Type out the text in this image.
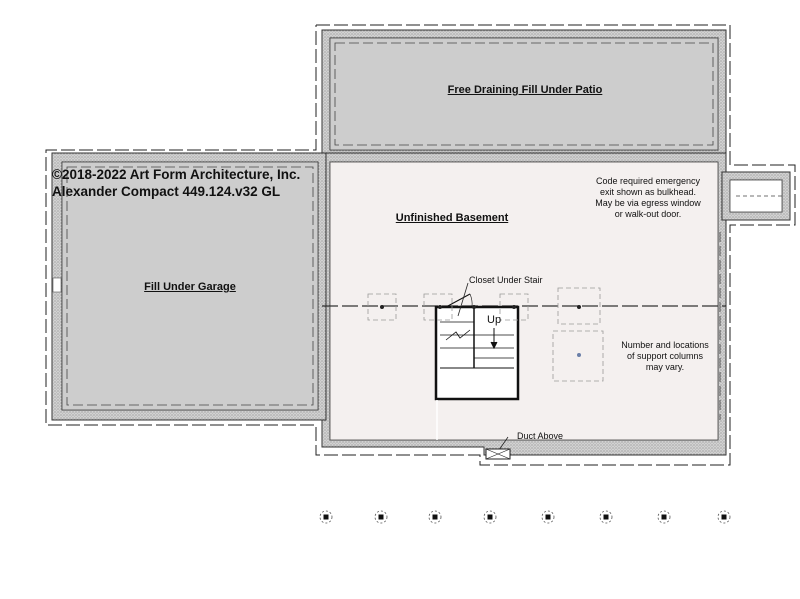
©2018-2022 Art Form Architecture, Inc.
Alexander Compact 449.124.v32 GL
Free Draining Fill Under Patio
Unfinished Basement
Fill Under Garage
Closet Under Stair
Up
Duct Above
Code required emergency
exit shown as bulkhead.
May be via egress window
or walk-out door.
Number and locations
of support columns
may vary.
